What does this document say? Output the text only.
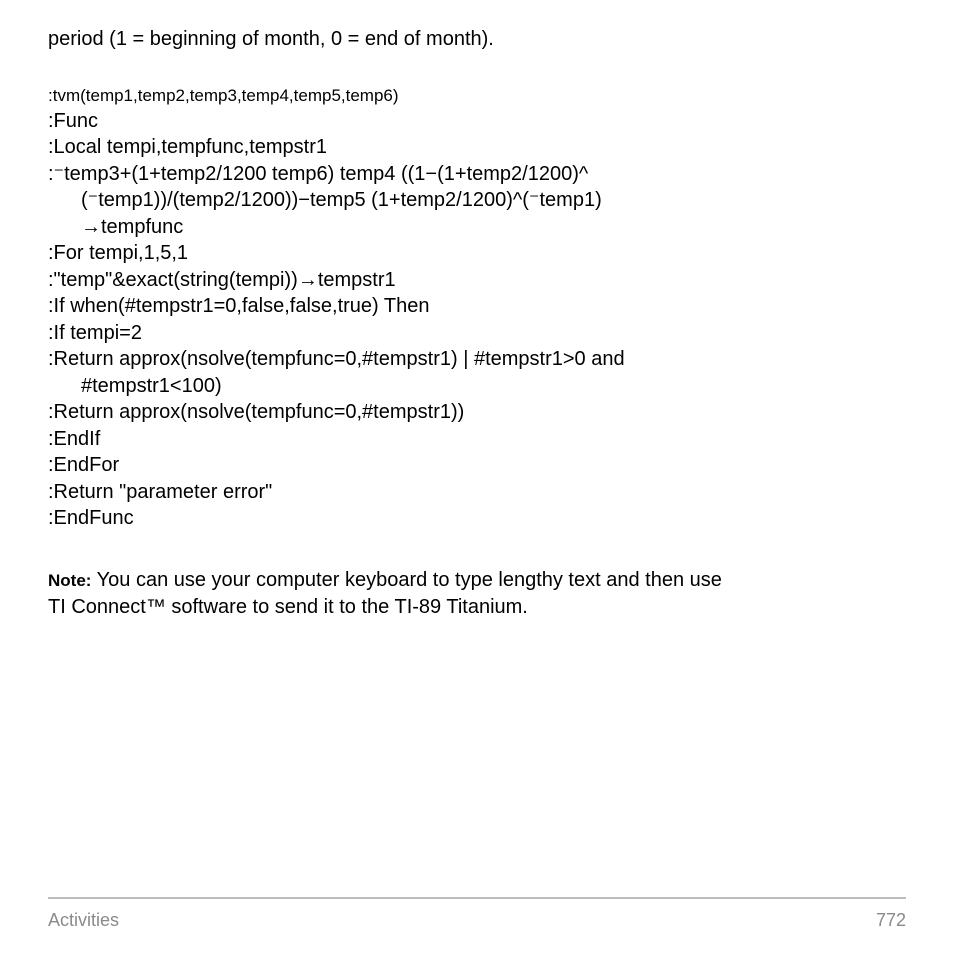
period (1 = beginning of month, 0 = end of month).
:tvm(temp1,temp2,temp3,temp4,temp5,temp6)
:Func
:Local tempi,tempfunc,tempstr1
:⁻temp3+(1+temp2/1200 temp6) temp4 ((1−(1+temp2/1200)^
(⁻temp1))/(temp2/1200))−temp5 (1+temp2/1200)^(⁻temp1)
→tempfunc
:For tempi,1,5,1
:"temp"&exact(string(tempi))→tempstr1
:If when(#tempstr1=0,false,false,true) Then
:If tempi=2
:Return approx(nsolve(tempfunc=0,#tempstr1) | #tempstr1>0 and
#tempstr1<100)
:Return approx(nsolve(tempfunc=0,#tempstr1))
:EndIf
:EndFor
:Return "parameter error"
:EndFunc
Note: You can use your computer keyboard to type lengthy text and then use
TI Connect™ software to send it to the TI-89 Titanium.
Activities	772
